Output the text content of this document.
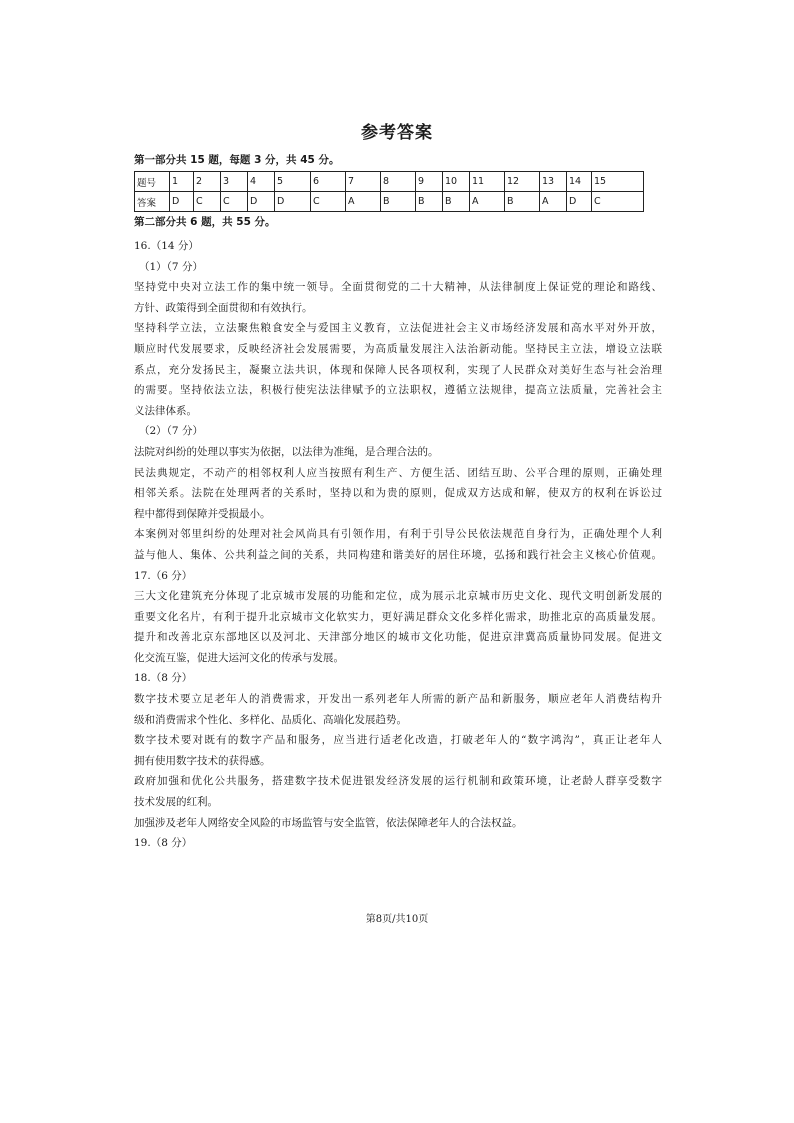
参考答案
第一部分共 15 题，每题 3 分，共 45 分。
题号	1	2	3	4	5	6	7	8	9	10	11	12	13	14	15
答案	D	C	C	D	D	C	A	B	B	B	A	B	A	D	C
第二部分共 6 题，共 55 分。
16.（14 分）
（1）（7 分）
坚持党中央对立法工作的集中统一领导。全面贯彻党的二十大精神，从法律制度上保证党的理论和路线、
方针、政策得到全面贯彻和有效执行。
坚持科学立法，立法聚焦粮食安全与爱国主义教育，立法促进社会主义市场经济发展和高水平对外开放，
顺应时代发展要求，反映经济社会发展需要，为高质量发展注入法治新动能。坚持民主立法，增设立法联
系点，充分发扬民主，凝聚立法共识，体现和保障人民各项权利，实现了人民群众对美好生态与社会治理
的需要。坚持依法立法，积极行使宪法法律赋予的立法职权，遵循立法规律，提高立法质量，完善社会主
义法律体系。
（2）（7 分）
法院对纠纷的处理以事实为依据，以法律为准绳，是合理合法的。
民法典规定，不动产的相邻权利人应当按照有利生产、方便生活、团结互助、公平合理的原则，正确处理
相邻关系。法院在处理两者的关系时，坚持以和为贵的原则，促成双方达成和解，使双方的权利在诉讼过
程中都得到保障并受损最小。
本案例对邻里纠纷的处理对社会风尚具有引领作用，有利于引导公民依法规范自身行为，正确处理个人利
益与他人、集体、公共利益之间的关系，共同构建和谐美好的居住环境，弘扬和践行社会主义核心价值观。
17.（6 分）
三大文化建筑充分体现了北京城市发展的功能和定位，成为展示北京城市历史文化、现代文明创新发展的
重要文化名片，有利于提升北京城市文化软实力，更好满足群众文化多样化需求，助推北京的高质量发展。
提升和改善北京东部地区以及河北、天津部分地区的城市文化功能，促进京津冀高质量协同发展。促进文
化交流互鉴，促进大运河文化的传承与发展。
18.（8 分）
数字技术要立足老年人的消费需求，开发出一系列老年人所需的新产品和新服务，顺应老年人消费结构升
级和消费需求个性化、多样化、品质化、高端化发展趋势。
数字技术要对既有的数字产品和服务，应当进行适老化改造，打破老年人的“数字鸿沟”，真正让老年人
拥有使用数字技术的获得感。
政府加强和优化公共服务，搭建数字技术促进银发经济发展的运行机制和政策环境，让老龄人群享受数字
技术发展的红利。
加强涉及老年人网络安全风险的市场监管与安全监管，依法保障老年人的合法权益。
19.（8 分）
第8页/共10页
